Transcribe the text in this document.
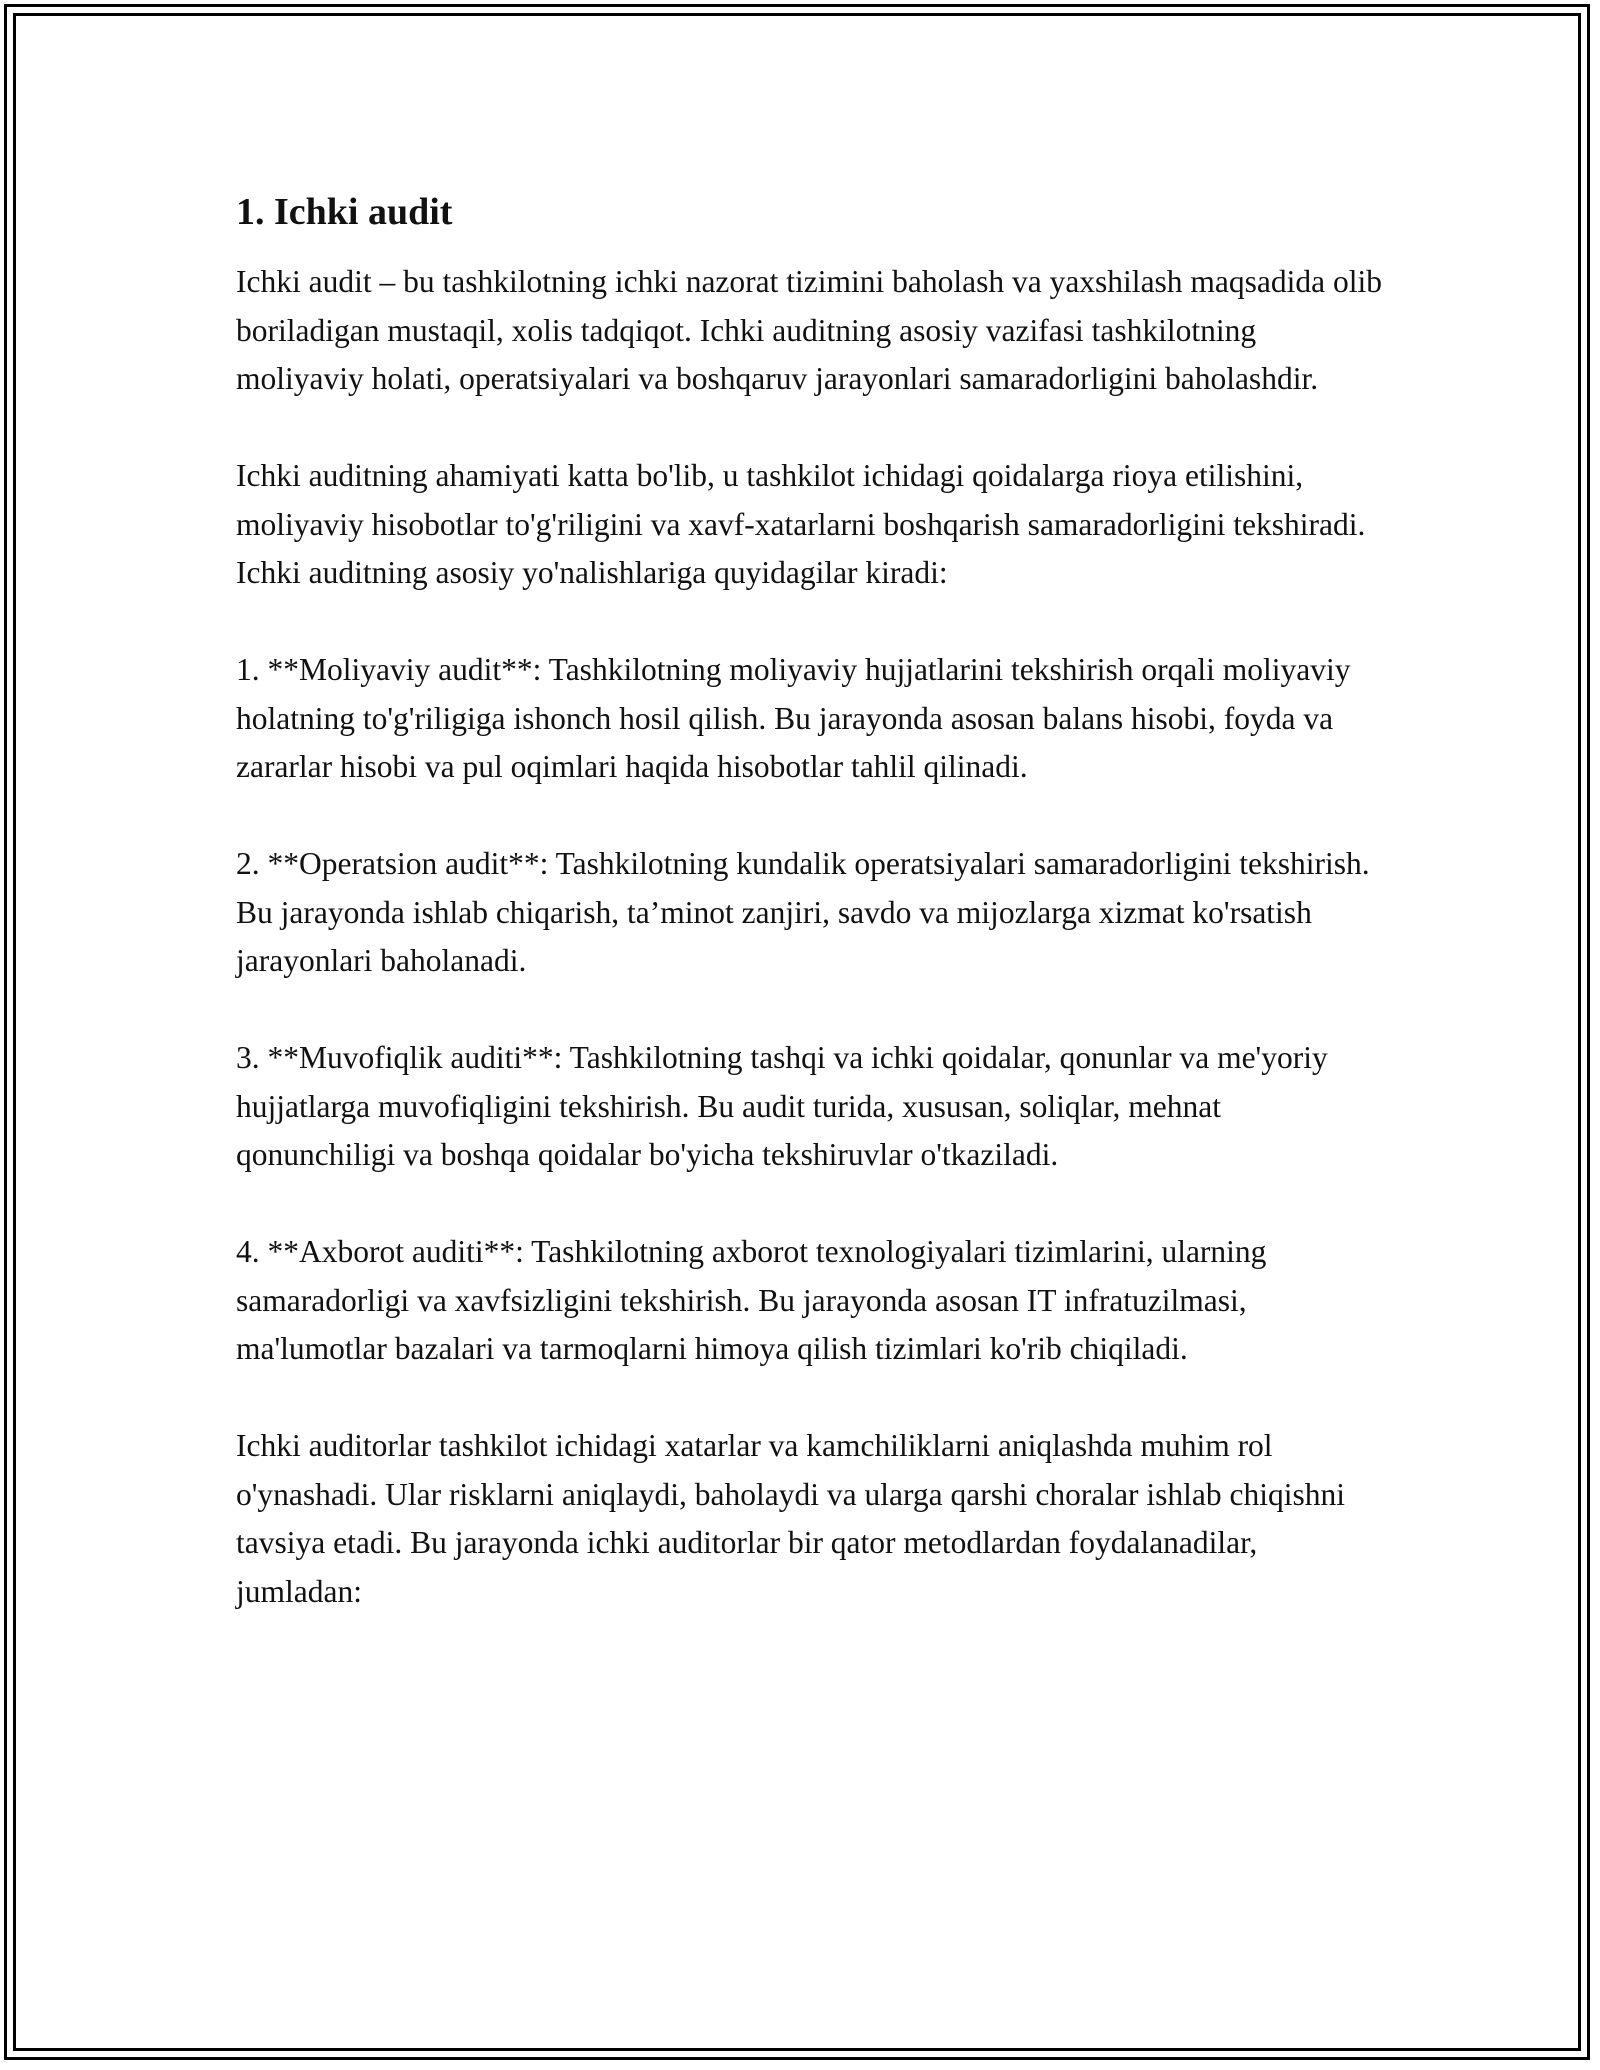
1. Ichki audit

Ichki audit – bu tashkilotning ichki nazorat tizimini baholash va yaxshilash maqsadida olib boriladigan mustaqil, xolis tadqiqot. Ichki auditning asosiy vazifasi tashkilotning moliyaviy holati, operatsiyalari va boshqaruv jarayonlari samaradorligini baholashdir.

Ichki auditning ahamiyati katta bo'lib, u tashkilot ichidagi qoidalarga rioya etilishini, moliyaviy hisobotlar to'g'riligini va xavf-xatarlarni boshqarish samaradorligini tekshiradi. Ichki auditning asosiy yo'nalishlariga quyidagilar kiradi:

1. **Moliyaviy audit**: Tashkilotning moliyaviy hujjatlarini tekshirish orqali moliyaviy holatning to'g'riligiga ishonch hosil qilish. Bu jarayonda asosan balans hisobi, foyda va zararlar hisobi va pul oqimlari haqida hisobotlar tahlil qilinadi.

2. **Operatsion audit**: Tashkilotning kundalik operatsiyalari samaradorligini tekshirish. Bu jarayonda ishlab chiqarish, ta’minot zanjiri, savdo va mijozlarga xizmat ko'rsatish jarayonlari baholanadi.

3. **Muvofiqlik auditi**: Tashkilotning tashqi va ichki qoidalar, qonunlar va me'yoriy hujjatlarga muvofiqligini tekshirish. Bu audit turida, xususan, soliqlar, mehnat qonunchiligi va boshqa qoidalar bo'yicha tekshiruvlar o'tkaziladi.

4. **Axborot auditi**: Tashkilotning axborot texnologiyalari tizimlarini, ularning samaradorligi va xavfsizligini tekshirish. Bu jarayonda asosan IT infratuzilmasi, ma'lumotlar bazalari va tarmoqlarni himoya qilish tizimlari ko'rib chiqiladi.

Ichki auditorlar tashkilot ichidagi xatarlar va kamchiliklarni aniqlashda muhim rol o'ynashadi. Ular risklarni aniqlaydi, baholaydi va ularga qarshi choralar ishlab chiqishni tavsiya etadi. Bu jarayonda ichki auditorlar bir qator metodlardan foydalanadilar, jumladan:
